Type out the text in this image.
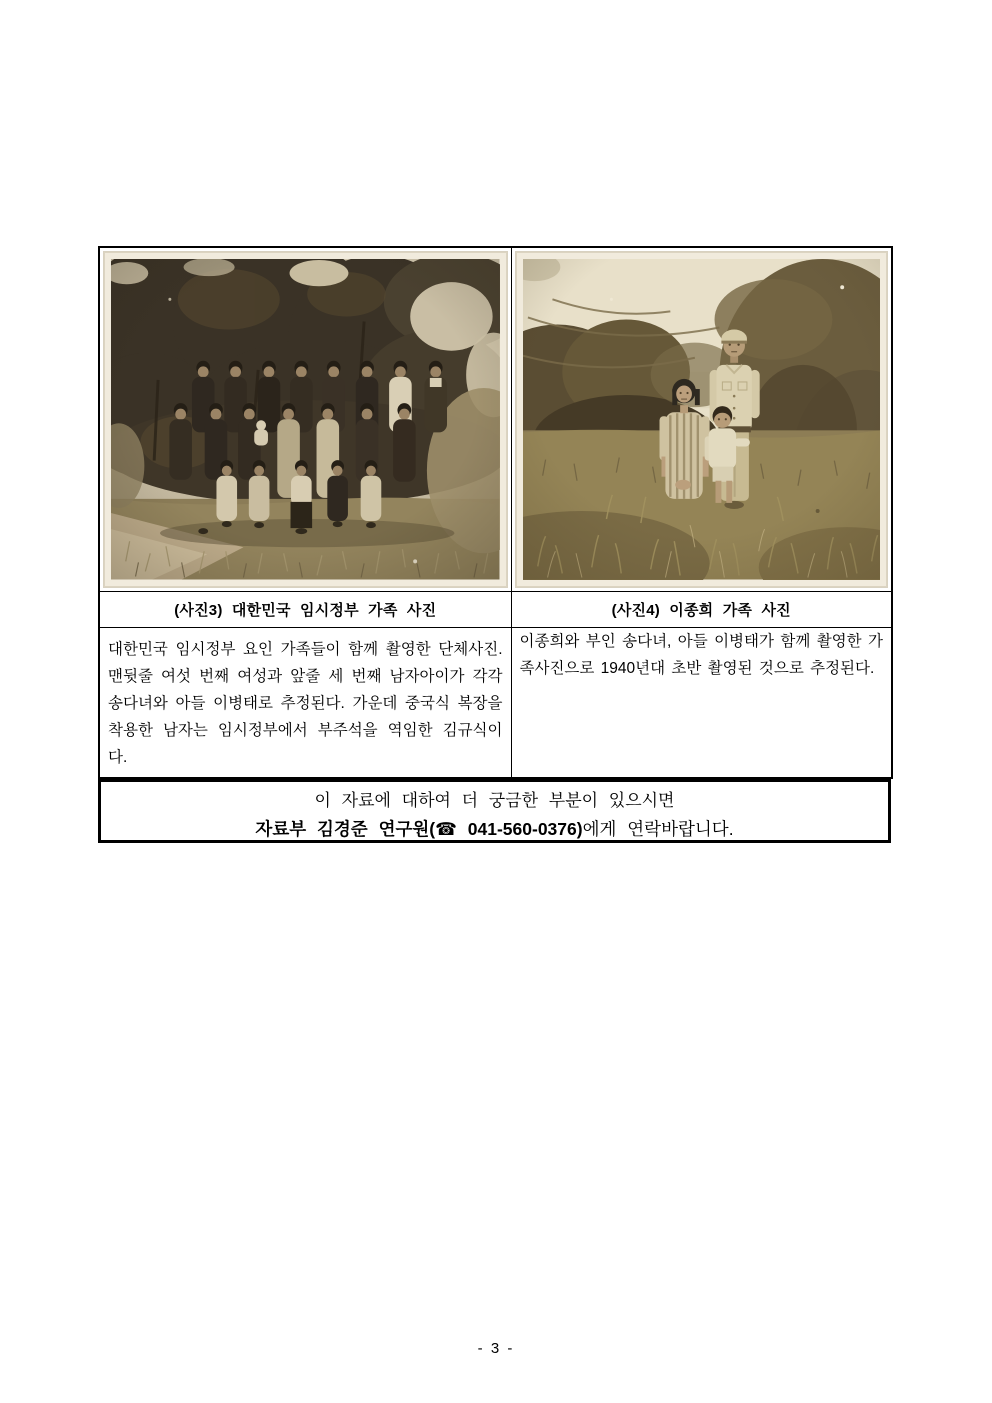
(사진3) 대한민국 임시정부 가족 사진	(사진4) 이종희 가족 사진

대한민국 임시정부 요인 가족들이 함께 촬영한 단체사진. 맨뒷줄 여섯 번째 여성과 앞줄 세 번째 남자아이가 각각 송다녀와 아들 이병태로 추정된다. 가운데 중국식 복장을 착용한 남자는 임시정부에서 부주석을 역임한 김규식이다.	이종희와 부인 송다녀, 아들 이병태가 함께 촬영한 가족사진으로 1940년대 초반 촬영된 것으로 추정된다.

이 자료에 대하여 더 궁금한 부분이 있으시면
자료부 김경준 연구원(☎ 041-560-0376)에게 연락바랍니다.
- 3 -
